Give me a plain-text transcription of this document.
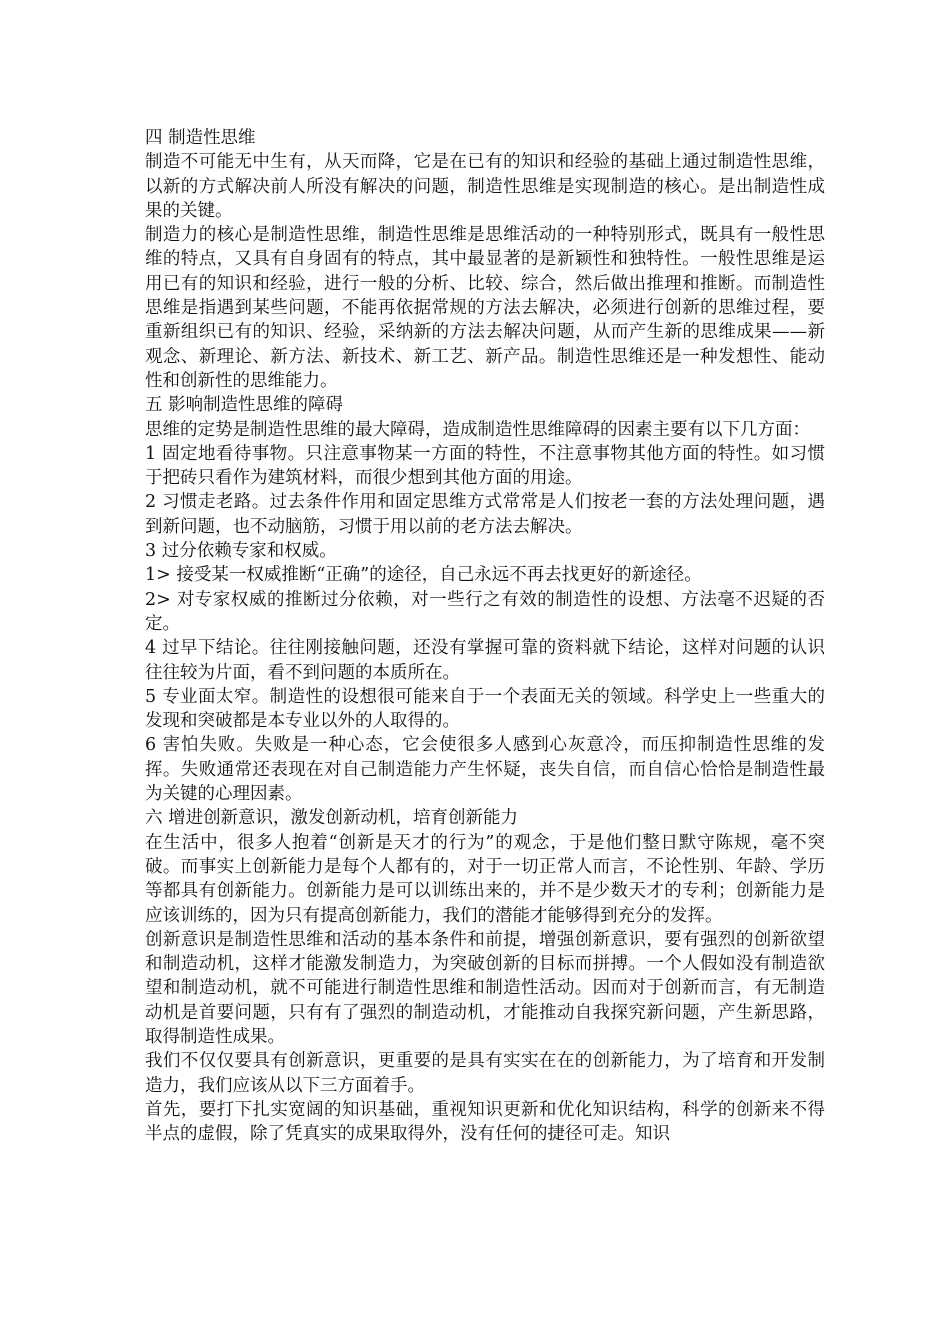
四 制造性思维
制造不可能无中生有，从天而降，它是在已有的知识和经验的基础上通过制造性思维，以新的方式解决前人所没有解决的问题，制造性思维是实现制造的核心。是出制造性成果的关键。
制造力的核心是制造性思维，制造性思维是思维活动的一种特别形式，既具有一般性思维的特点，又具有自身固有的特点，其中最显著的是新颖性和独特性。一般性思维是运用已有的知识和经验，进行一般的分析、比较、综合，然后做出推理和推断。而制造性思维是指遇到某些问题，不能再依据常规的方法去解决，必须进行创新的思维过程，要重新组织已有的知识、经验，采纳新的方法去解决问题，从而产生新的思维成果——新观念、新理论、新方法、新技术、新工艺、新产品。制造性思维还是一种发想性、能动性和创新性的思维能力。
五 影响制造性思维的障碍
思维的定势是制造性思维的最大障碍，造成制造性思维障碍的因素主要有以下几方面：
1 固定地看待事物。只注意事物某一方面的特性，不注意事物其他方面的特性。如习惯于把砖只看作为建筑材料，而很少想到其他方面的用途。
2 习惯走老路。过去条件作用和固定思维方式常常是人们按老一套的方法处理问题，遇到新问题，也不动脑筋，习惯于用以前的老方法去解决。
3 过分依赖专家和权威。
1> 接受某一权威推断“正确”的途径，自己永远不再去找更好的新途径。
2> 对专家权威的推断过分依赖，对一些行之有效的制造性的设想、方法毫不迟疑的否定。
4 过早下结论。往往刚接触问题，还没有掌握可靠的资料就下结论，这样对问题的认识往往较为片面，看不到问题的本质所在。
5 专业面太窄。制造性的设想很可能来自于一个表面无关的领域。科学史上一些重大的发现和突破都是本专业以外的人取得的。
6 害怕失败。失败是一种心态，它会使很多人感到心灰意冷，而压抑制造性思维的发挥。失败通常还表现在对自己制造能力产生怀疑，丧失自信，而自信心恰恰是制造性最为关键的心理因素。
六 增进创新意识，激发创新动机，培育创新能力
在生活中，很多人抱着“创新是天才的行为”的观念，于是他们整日默守陈规，毫不突破。而事实上创新能力是每个人都有的，对于一切正常人而言，不论性别、年龄、学历等都具有创新能力。创新能力是可以训练出来的，并不是少数天才的专利；创新能力是应该训练的，因为只有提高创新能力，我们的潜能才能够得到充分的发挥。
创新意识是制造性思维和活动的基本条件和前提，增强创新意识，要有强烈的创新欲望和制造动机，这样才能激发制造力，为突破创新的目标而拼搏。一个人假如没有制造欲望和制造动机，就不可能进行制造性思维和制造性活动。因而对于创新而言，有无制造动机是首要问题，只有有了强烈的制造动机，才能推动自我探究新问题，产生新思路，取得制造性成果。
我们不仅仅要具有创新意识，更重要的是具有实实在在的创新能力，为了培育和开发制造力，我们应该从以下三方面着手。
首先，要打下扎实宽阔的知识基础，重视知识更新和优化知识结构，科学的创新来不得半点的虚假，除了凭真实的成果取得外，没有任何的捷径可走。知识
